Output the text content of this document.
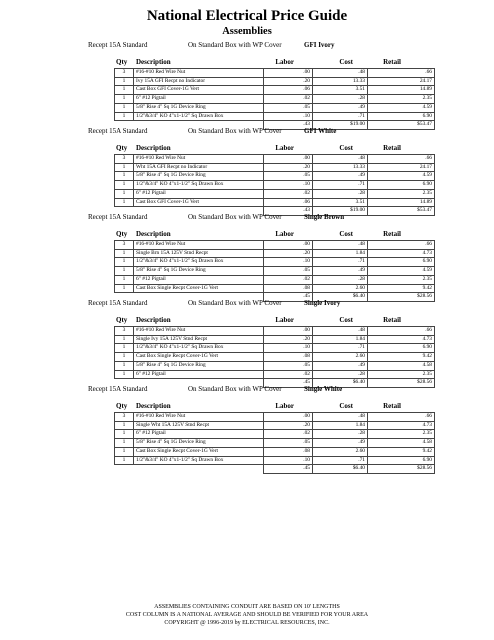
National Electrical Price Guide
Assemblies
Recept 15A Standard	On Standard Box with WP Cover	GFI Ivory
Qty Description	Labor	Cost	Retail
3	#16-#10 Red Wire Nut	.00	.48	.66
1	Ivy 15A GFI Recpt no Indicator	.20	13.33	24.17
1	Cast Box GFI Cover-1G Vert	.06	3.51	14.89
1	6" #12 Pigtail	.02	.28	2.35
1	5/8" Rise 4" Sq 1G Device Ring	.05	.49	4.59
1	1/2"&3/4" KO 4"x1-1/2" Sq Drawn Box	.10	.71	6.90
		.43	$19.00	$53.47
Recept 15A Standard	On Standard Box with WP Cover	GFI White
Qty Description	Labor	Cost	Retail
3	#16-#10 Red Wire Nut	.00	.48	.66
1	Wht 15A GFI Recpt no Indicator	.20	13.33	24.17
1	5/8" Rise 4" Sq 1G Device Ring	.05	.49	4.59
1	1/2"&3/4" KO 4"x1-1/2" Sq Drawn Box	.10	.71	6.90
1	6" #12 Pigtail	.02	.28	2.35
1	Cast Box GFI Cover-1G Vert	.06	3.51	14.89
		.43	$19.00	$53.47
Recept 15A Standard	On Standard Box with WP Cover	Single Brown
Qty Description	Labor	Cost	Retail
3	#16-#10 Red Wire Nut	.00	.48	.66
1	Single Brn 15A 125V Stnd Recpt	.20	1.84	4.73
1	1/2"&3/4" KO 4"x1-1/2" Sq Drawn Box	.10	.71	6.90
1	5/8" Rise 4" Sq 1G Device Ring	.05	.49	4.59
1	6" #12 Pigtail	.02	.28	2.35
1	Cast Box Single Recpt Cover-1G Vert	.08	2.60	9.42
		.45	$6.40	$28.56
Recept 15A Standard	On Standard Box with WP Cover	Single Ivory
Qty Description	Labor	Cost	Retail
3	#16-#10 Red Wire Nut	.00	.48	.66
1	Single Ivy 15A 125V Stnd Recpt	.20	1.84	4.73
1	1/2"&3/4" KO 4"x1-1/2" Sq Drawn Box	.10	.71	6.90
1	Cast Box Single Recpt Cover-1G Vert	.08	2.60	9.42
1	5/8" Rise 4" Sq 1G Device Ring	.05	.49	4.58
1	6" #12 Pigtail	.02	.28	2.35
		.45	$6.40	$28.56
Recept 15A Standard	On Standard Box with WP Cover	Single White
Qty Description	Labor	Cost	Retail
3	#16-#10 Red Wire Nut	.00	.48	.66
1	Single Wht 15A 125V Stnd Recpt	.20	1.84	4.73
1	6" #12 Pigtail	.02	.28	2.35
1	5/8" Rise 4" Sq 1G Device Ring	.05	.49	4.58
1	Cast Box Single Recpt Cover-1G Vert	.08	2.60	9.42
1	1/2"&3/4" KO 4"x1-1/2" Sq Drawn Box	.10	.71	6.90
		.45	$6.40	$28.56
ASSEMBLIES CONTAINING CONDUIT ARE BASED ON 10' LENGTHS
COST COLUMN IS A NATIONAL AVERAGE AND SHOULD BE VERIFIED FOR YOUR AREA
COPYRIGHT @ 1996-2019 by ELECTRICAL RESOURCES, INC.
